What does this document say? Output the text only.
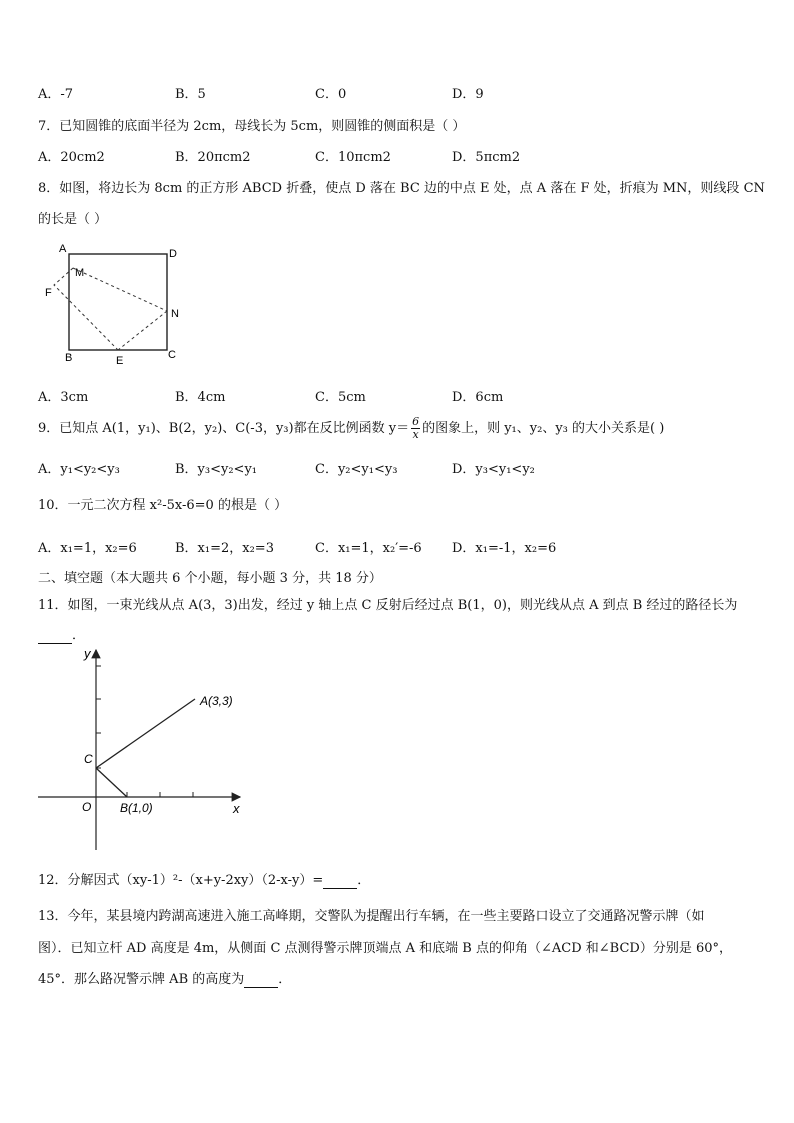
A．-7	B．5	C．0	D．9
7．已知圆锥的底面半径为 2cm，母线长为 5cm，则圆锥的侧面积是（ ）
A．20cm2	B．20πcm2	C．10πcm2	D．5πcm2
8．如图，将边长为 8cm 的正方形 ABCD 折叠，使点 D 落在 BC 边的中点 E 处，点 A 落在 F 处，折痕为 MN，则线段 CN
的长是（ ）
A	D
M
F
N
B	E	C
A．3cm	B．4cm	C．5cm	D．6cm
9．已知点 A(1，y₁)、B(2，y₂)、C(-3，y₃)都在反比例函数 $y= \frac{6}{x}$ 的图象上，则 y₁、y₂、y₃ 的大小关系是( )
A．y₁<y₂<y₃	B．y₃<y₂<y₁	C．y₂<y₁<y₃	D．y₃<y₁<y₂
10．一元二次方程 x²-5x-6=0 的根是（ ）
A．x₁=1，x₂=6	B．x₁=2，x₂=3	C．x₁=1，x₂′=-6 D．x₁=-1，x₂=6
二、填空题（本大题共 6 个小题，每小题 3 分，共 18 分）
11．如图，一束光线从点 A(3，3)出发，经过 y 轴上点 C 反射后经过点 B(1，0)，则光线从点 A 到点 B 经过的路径长为
．
y
x
O
C
A(3,3)
B(1,0)
12．分解因式（xy-1）²-（x+y-2xy）（2-x-y）=	．
13．今年，某县境内跨湖高速进入施工高峰期，交警队为提醒出行车辆，在一些主要路口设立了交通路况警示牌（如
图）．已知立杆 AD 高度是 4m，从侧面 C 点测得警示牌顶端点 A 和底端 B 点的仰角（∠ACD 和∠BCD）分别是 60°，
45°．那么路况警示牌 AB 的高度为	．
